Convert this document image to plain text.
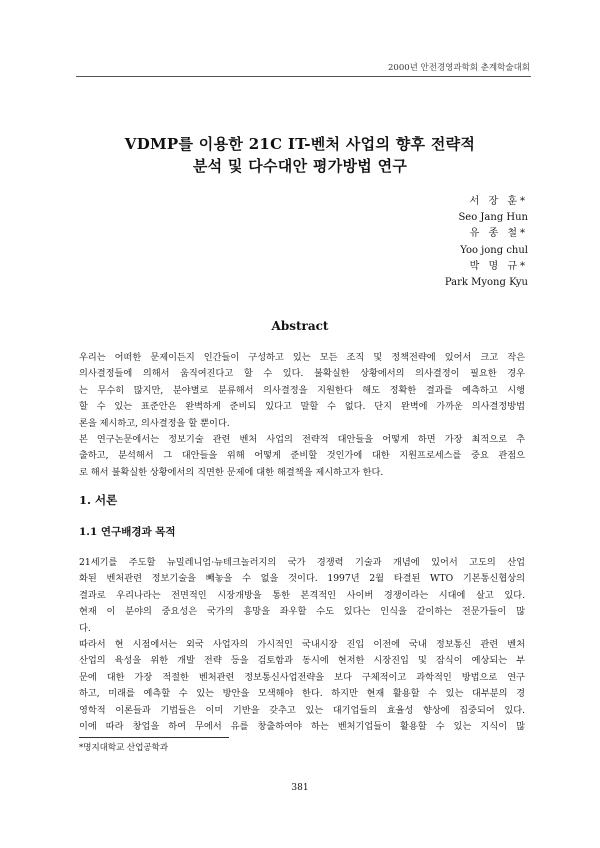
2000년 안전경영과학회 춘계학술대회
VDMP를 이용한 21C IT-벤처 사업의 향후 전략적
분석 및 다수대안 평가방법 연구
서 장 훈*
Seo Jang Hun
유 종 철*
Yoo jong chul
박 명 규*
Park Myong Kyu
Abstract
우리는 어떠한 문제이든지 인간들이 구성하고 있는 모든 조직 및 정책전략에 있어서 크고 작은
의사결정들에 의해서 움직여진다고 할 수 있다. 불확실한 상황에서의 의사결정이 필요한 경우
는 무수히 많지만, 분야별로 분류해서 의사결정을 지원한다 해도 정확한 결과를 예측하고 시행
할 수 있는 표준안은 완벽하게 준비되 있다고 말할 수 없다. 단지 완벽에 가까운 의사결정방법
론을 제시하고, 의사결정을 할 뿐이다.
본 연구논문에서는 정보기술 관련 벤처 사업의 전략적 대안들을 어떻게 하면 가장 최적으로 추
출하고, 분석해서 그 대안들을 위해 어떻게 준비할 것인가에 대한 지원프로세스를 중요 관점으
로 해서 불확실한 상황에서의 직면한 문제에 대한 해결책을 제시하고자 한다.
1. 서론
1.1 연구배경과 목적
21세기를 주도할 뉴밀레니엄·뉴테크놀러지의 국가 경쟁력 기술과 개념에 있어서 고도의 산업
화된 벤처관련 정보기술을 빼놓을 수 없을 것이다. 1997년 2월 타결된 WTO 기본통신협상의
결과로 우리나라는 전면적인 시장개방을 통한 본격적인 사이버 경쟁이라는 시대에 살고 있다.
현재 이 분야의 중요성은 국가의 흥망을 좌우할 수도 있다는 인식을 같이하는 전문가들이 많
다.
따라서 현 시점에서는 외국 사업자의 가시적인 국내시장 진입 이전에 국내 정보통신 관련 벤처
산업의 육성을 위한 개발 전략 등을 검토함과 동시에 현저한 시장진입 및 잠식이 예상되는 부
문에 대한 가장 적절한 벤처관련 정보통신사업전략을 보다 구체적이고 과학적인 방법으로 연구
하고, 미래를 예측할 수 있는 방안을 모색해야 한다. 하지만 현재 활용할 수 있는 대부분의 경
영학적 이론들과 기법들은 이미 기반을 갖추고 있는 대기업들의 효율성 향상에 집중되어 있다.
이에 따라 창업을 하여 무에서 유를 창출하여야 하는 벤처기업들이 활용할 수 있는 지식이 많
*명지대학교 산업공학과
381
